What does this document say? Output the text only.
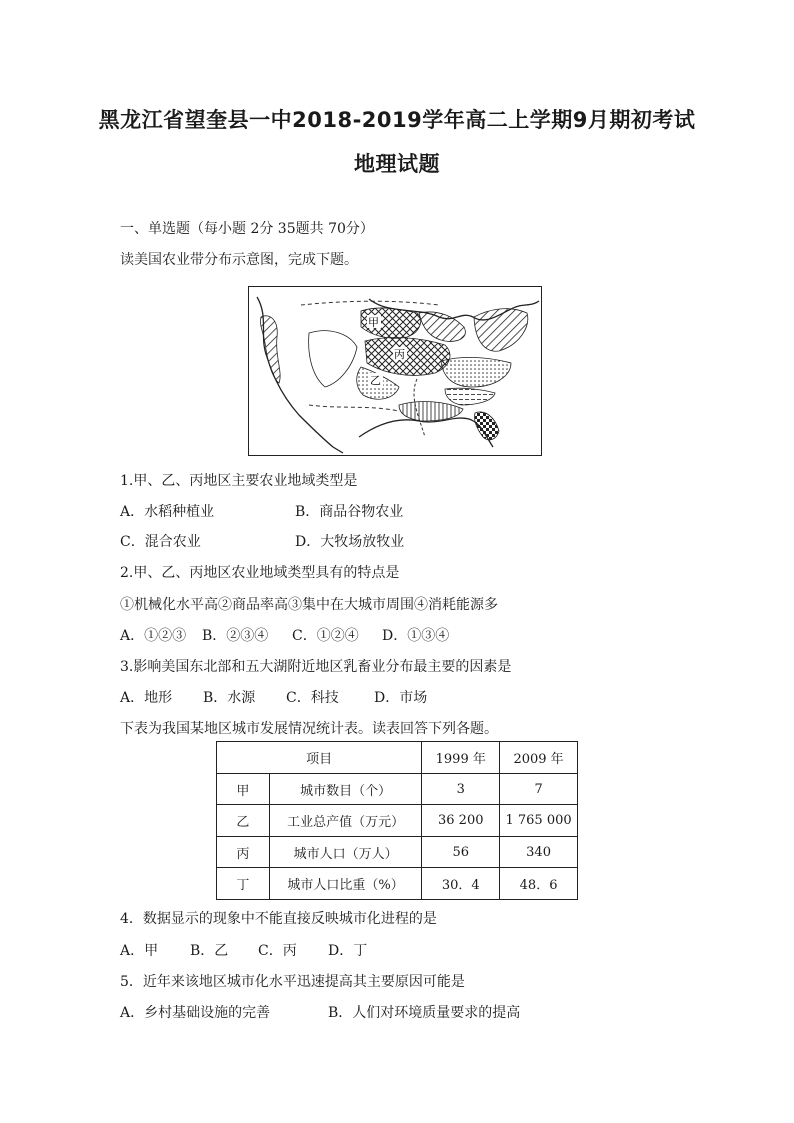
黑龙江省望奎县一中2018-2019学年高二上学期9月期初考试
地理试题
一、单选题（每小题 2分 35题共 70分）
读美国农业带分布示意图，完成下题。
甲
乙
丙
1.甲、乙、丙地区主要农业地域类型是
A．水稻种植业	B．商品谷物农业
C．混合农业	D．大牧场放牧业
2.甲、乙、丙地区农业地域类型具有的特点是
①机械化水平高②商品率高③集中在大城市周围④消耗能源多
A．①②③ B．②③④ C．①②④ D．①③④
3.影响美国东北部和五大湖附近地区乳畜业分布最主要的因素是
A．地形 B．水源 C．科技	D．市场
下表为我国某地区城市发展情况统计表。读表回答下列各题。
项目		1999 年	2009 年
甲	城市数目（个）	3	7
乙	工业总产值（万元）	36 200	1 765 000
丙	城市人口（万人）	56	340
丁	城市人口比重（%）	30．4	48．6
4．数据显示的现象中不能直接反映城市化进程的是
A．甲 B．乙 C．丙 D．丁
5．近年来该地区城市化水平迅速提高其主要原因可能是
A．乡村基础设施的完善	B．人们对环境质量要求的提高
